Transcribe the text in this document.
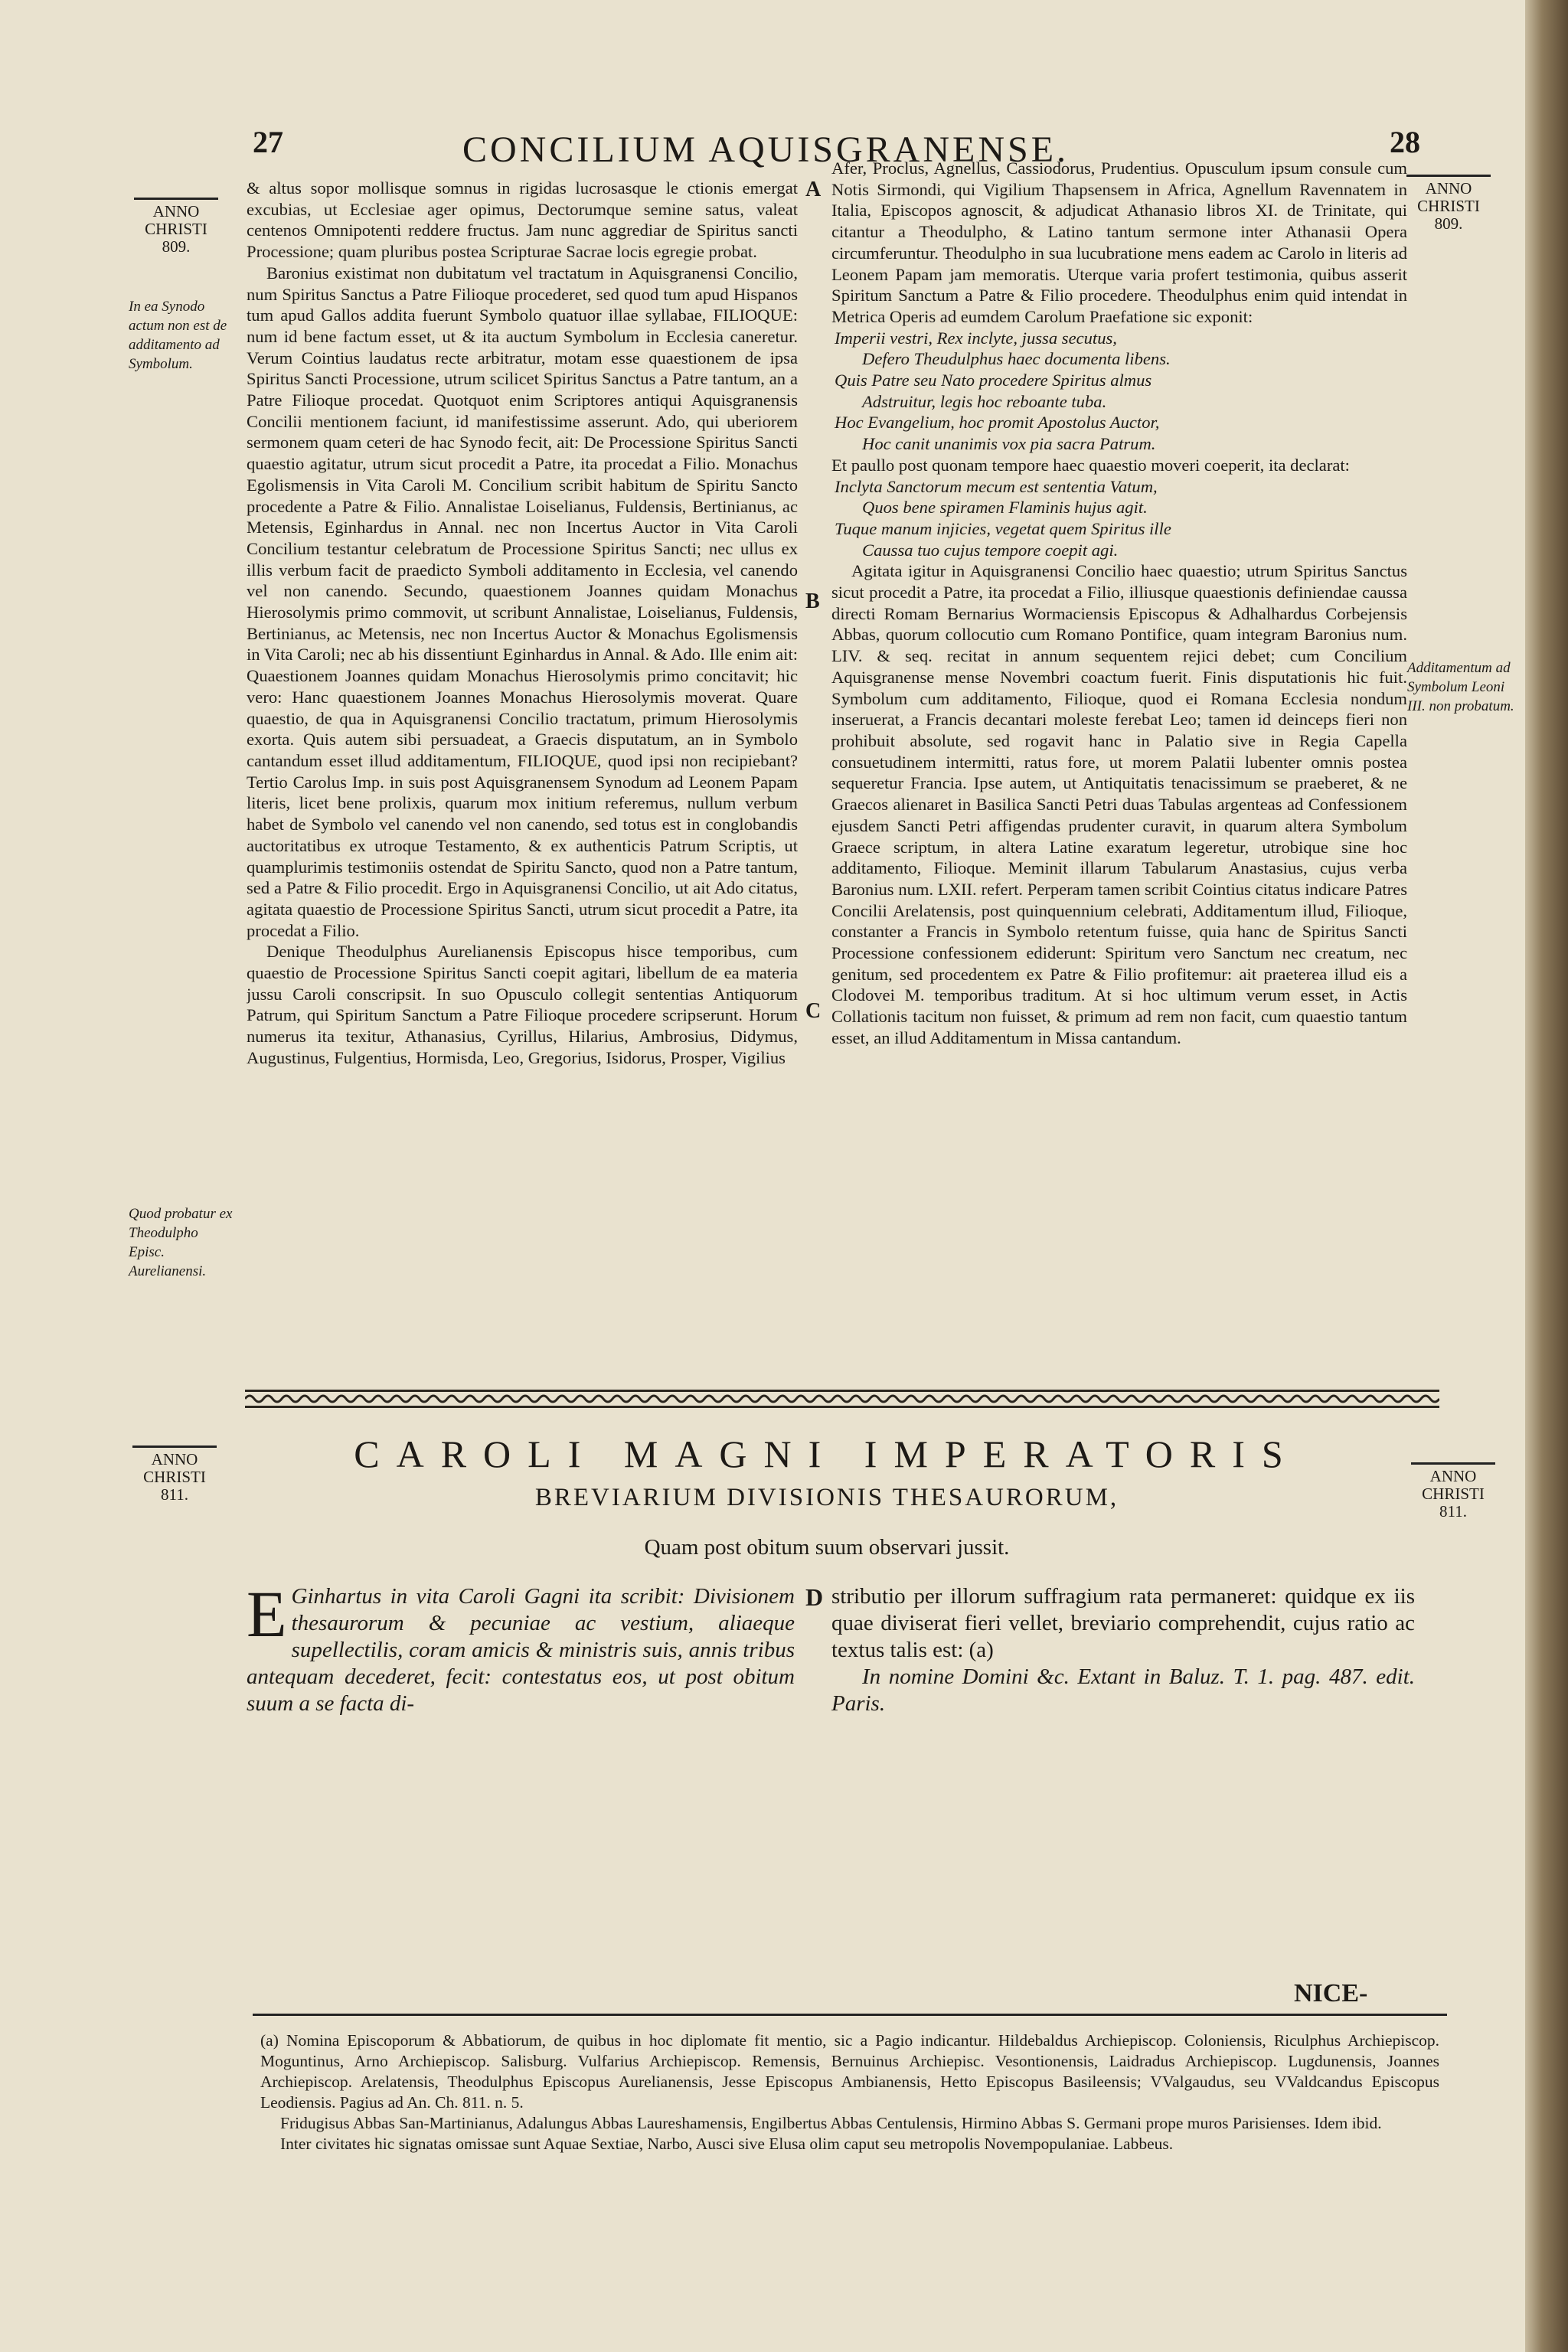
27	CONCILIUM AQUISGRANENSE.	28
ANNO
CHRISTI
809.
ANNO
CHRISTI
809.
In ea Synodo actum non est de additamento ad Symbolum.
Quod probatur ex Theodulpho Episc. Aurelianensi.
Additamentum ad Symbolum Leoni III. non probatum.

& altus sopor mollisque somnus in rigidas lucrosasque le ctionis emergat excubias, ut Ecclesiae ager opimus, Dectorumque semine satus, valeat centenos Omnipotenti reddere fructus. Jam nunc aggrediar de Spiritus sancti Processione; quam pluribus postea Scripturae Sacrae locis egregie probat.

Baronius existimat non dubitatum vel tractatum in Aquisgranensi Concilio, num Spiritus Sanctus a Patre Filioque procederet, sed quod tum apud Hispanos tum apud Gallos addita fuerunt Symbolo quatuor illae syllabae, FILIOQUE: num id bene factum esset, ut & ita auctum Symbolum in Ecclesia caneretur. Verum Cointius laudatus recte arbitratur, motam esse quaestionem de ipsa Spiritus Sancti Processione, utrum scilicet Spiritus Sanctus a Patre tantum, an a Patre Filioque procedat. Quotquot enim Scriptores antiqui Aquisgranensis Concilii mentionem faciunt, id manifestissime asserunt. Ado, qui uberiorem sermonem quam ceteri de hac Synodo fecit, ait: De Processione Spiritus Sancti quaestio agitatur, utrum sicut procedit a Patre, ita procedat a Filio. Monachus Egolismensis in Vita Caroli M. Concilium scribit habitum de Spiritu Sancto procedente a Patre & Filio. Annalistae Loiselianus, Fuldensis, Bertinianus, ac Metensis, Eginhardus in Annal. nec non Incertus Auctor in Vita Caroli Concilium testantur celebratum de Processione Spiritus Sancti; nec ullus ex illis verbum facit de praedicto Symboli additamento in Ecclesia, vel canendo vel non canendo. Secundo, quaestionem Joannes quidam Monachus Hierosolymis primo commovit, ut scribunt Annalistae, Loiselianus, Fuldensis, Bertinianus, ac Metensis, nec non Incertus Auctor & Monachus Egolismensis in Vita Caroli; nec ab his dissentiunt Eginhardus in Annal. & Ado. Ille enim ait: Quaestionem Joannes quidam Monachus Hierosolymis primo concitavit; hic vero: Hanc quaestionem Joannes Monachus Hierosolymis moverat. Quare quaestio, de qua in Aquisgranensi Concilio tractatum, primum Hierosolymis exorta. Quis autem sibi persuadeat, a Graecis disputatum, an in Symbolo cantandum esset illud additamentum, FILIOQUE, quod ipsi non recipiebant? Tertio Carolus Imp. in suis post Aquisgranensem Synodum ad Leonem Papam literis, licet bene prolixis, quarum mox initium referemus, nullum verbum habet de Symbolo vel canendo vel non canendo, sed totus est in conglobandis auctoritatibus ex utroque Testamento, & ex authenticis Patrum Scriptis, ut quamplurimis testimoniis ostendat de Spiritu Sancto, quod non a Patre tantum, sed a Patre & Filio procedit. Ergo in Aquisgranensi Concilio, ut ait Ado citatus, agitata quaestio de Processione Spiritus Sancti, utrum sicut procedit a Patre, ita procedat a Filio.

Denique Theodulphus Aurelianensis Episcopus hisce temporibus, cum quaestio de Processione Spiritus Sancti coepit agitari, libellum de ea materia jussu Caroli conscripsit. In suo Opusculo collegit sententias Antiquorum Patrum, qui Spiritum Sanctum a Patre Filioque procedere scripserunt. Horum numerus ita texitur, Athanasius, Cyrillus, Hilarius, Ambrosius, Didymus, Augustinus, Fulgentius, Hormisda, Leo, Gregorius, Isidorus, Prosper, Vigilius

A
B
C

Afer, Proclus, Agnellus, Cassiodorus, Prudentius. Opusculum ipsum consule cum Notis Sirmondi, qui Vigilium Thapsensem in Africa, Agnellum Ravennatem in Italia, Episcopos agnoscit, & adjudicat Athanasio libros XI. de Trinitate, qui citantur a Theodulpho, & Latino tantum sermone inter Athanasii Opera circumferuntur. Theodulpho in sua lucubratione mens eadem ac Carolo in literis ad Leonem Papam jam memoratis. Uterque varia profert testimonia, quibus asserit Spiritum Sanctum a Patre & Filio procedere. Theodulphus enim quid intendat in Metrica Operis ad eumdem Carolum Praefatione sic exponit:

Imperii vestri, Rex inclyte, jussa secutus,

Defero Theudulphus haec documenta libens.

Quis Patre seu Nato procedere Spiritus almus

Adstruitur, legis hoc reboante tuba.

Hoc Evangelium, hoc promit Apostolus Auctor,

Hoc canit unanimis vox pia sacra Patrum.

Et paullo post quonam tempore haec quaestio moveri coeperit, ita declarat:

Inclyta Sanctorum mecum est sententia Vatum,

Quos bene spiramen Flaminis hujus agit.

Tuque manum injicies, vegetat quem Spiritus ille

Caussa tuo cujus tempore coepit agi.

Agitata igitur in Aquisgranensi Concilio haec quaestio; utrum Spiritus Sanctus sicut procedit a Patre, ita procedat a Filio, illiusque quaestionis definiendae caussa directi Romam Bernarius Wormaciensis Episcopus & Adhalhardus Corbejensis Abbas, quorum collocutio cum Romano Pontifice, quam integram Baronius num. LIV. & seq. recitat in annum sequentem rejici debet; cum Concilium Aquisgranense mense Novembri coactum fuerit. Finis disputationis hic fuit. Symbolum cum additamento, Filioque, quod ei Romana Ecclesia nondum inseruerat, a Francis decantari moleste ferebat Leo; tamen id deinceps fieri non prohibuit absolute, sed rogavit hanc in Palatio sive in Regia Capella consuetudinem intermitti, ratus fore, ut morem Palatii lubenter omnis postea sequeretur Francia. Ipse autem, ut Antiquitatis tenacissimum se praeberet, & ne Graecos alienaret in Basilica Sancti Petri duas Tabulas argenteas ad Confessionem ejusdem Sancti Petri affigendas prudenter curavit, in quarum altera Symbolum Graece scriptum, in altera Latine exaratum legeretur, utrobique sine hoc additamento, Filioque. Meminit illarum Tabularum Anastasius, cujus verba Baronius num. LXII. refert. Perperam tamen scribit Cointius citatus indicare Patres Concilii Arelatensis, post quinquennium celebrati, Additamentum illud, Filioque, constanter a Francis in Symbolo retentum fuisse, quia hanc de Spiritus Sancti Processione confessionem ediderunt: Spiritum vero Sanctum nec creatum, nec genitum, sed procedentem ex Patre & Filio profitemur: ait praeterea illud eis a Clodovei M. temporibus traditum. At si hoc ultimum verum esset, in Actis Collationis tacitum non fuisset, & primum ad rem non facit, cum quaestio tantum esset, an illud Additamentum in Missa cantandum.

ANNO
CHRISTI
811.
ANNO
CHRISTI
811.
CAROLI MAGNI IMPERATORIS
BREVIARIUM DIVISIONIS THESAURORUM,
Quam post obitum suum observari jussit.

E Ginhartus in vita Caroli Gagni ita scribit: Divisionem thesaurorum & pecuniae ac vestium, aliaeque supellectilis, coram amicis & ministris suis, annis tribus antequam decederet, fecit: contestatus eos, ut post obitum suum a se facta di-

D stributio per illorum suffragium rata permaneret: quidque ex iis quae diviserat fieri vellet, breviario comprehendit, cujus ratio ac textus talis est: (a)

In nomine Domini &c. Extant in Baluz. T. 1. pag. 487. edit. Paris.

NICE-

(a) Nomina Episcoporum & Abbatiorum, de quibus in hoc diplomate fit mentio, sic a Pagio indicantur. Hildebaldus Archiepiscop. Coloniensis, Riculphus Archiepiscop. Moguntinus, Arno Archiepiscop. Salisburg. Vulfarius Archiepiscop. Remensis, Bernuinus Archiepisc. Vesontionensis, Laidradus Archiepiscop. Lugdunensis, Joannes Archiepiscop. Arelatensis, Theodulphus Episcopus Aurelianensis, Jesse Episcopus Ambianensis, Hetto Episcopus Basileensis; VValgaudus, seu VValdcandus Episcopus Leodiensis. Pagius ad An. Ch. 811. n. 5.

Fridugisus Abbas San-Martinianus, Adalungus Abbas Laureshamensis, Engilbertus Abbas Centulensis, Hirmino Abbas S. Germani prope muros Parisienses. Idem ibid.

Inter civitates hic signatas omissae sunt Aquae Sextiae, Narbo, Ausci sive Elusa olim caput seu metropolis Novempopulaniae. Labbeus.
